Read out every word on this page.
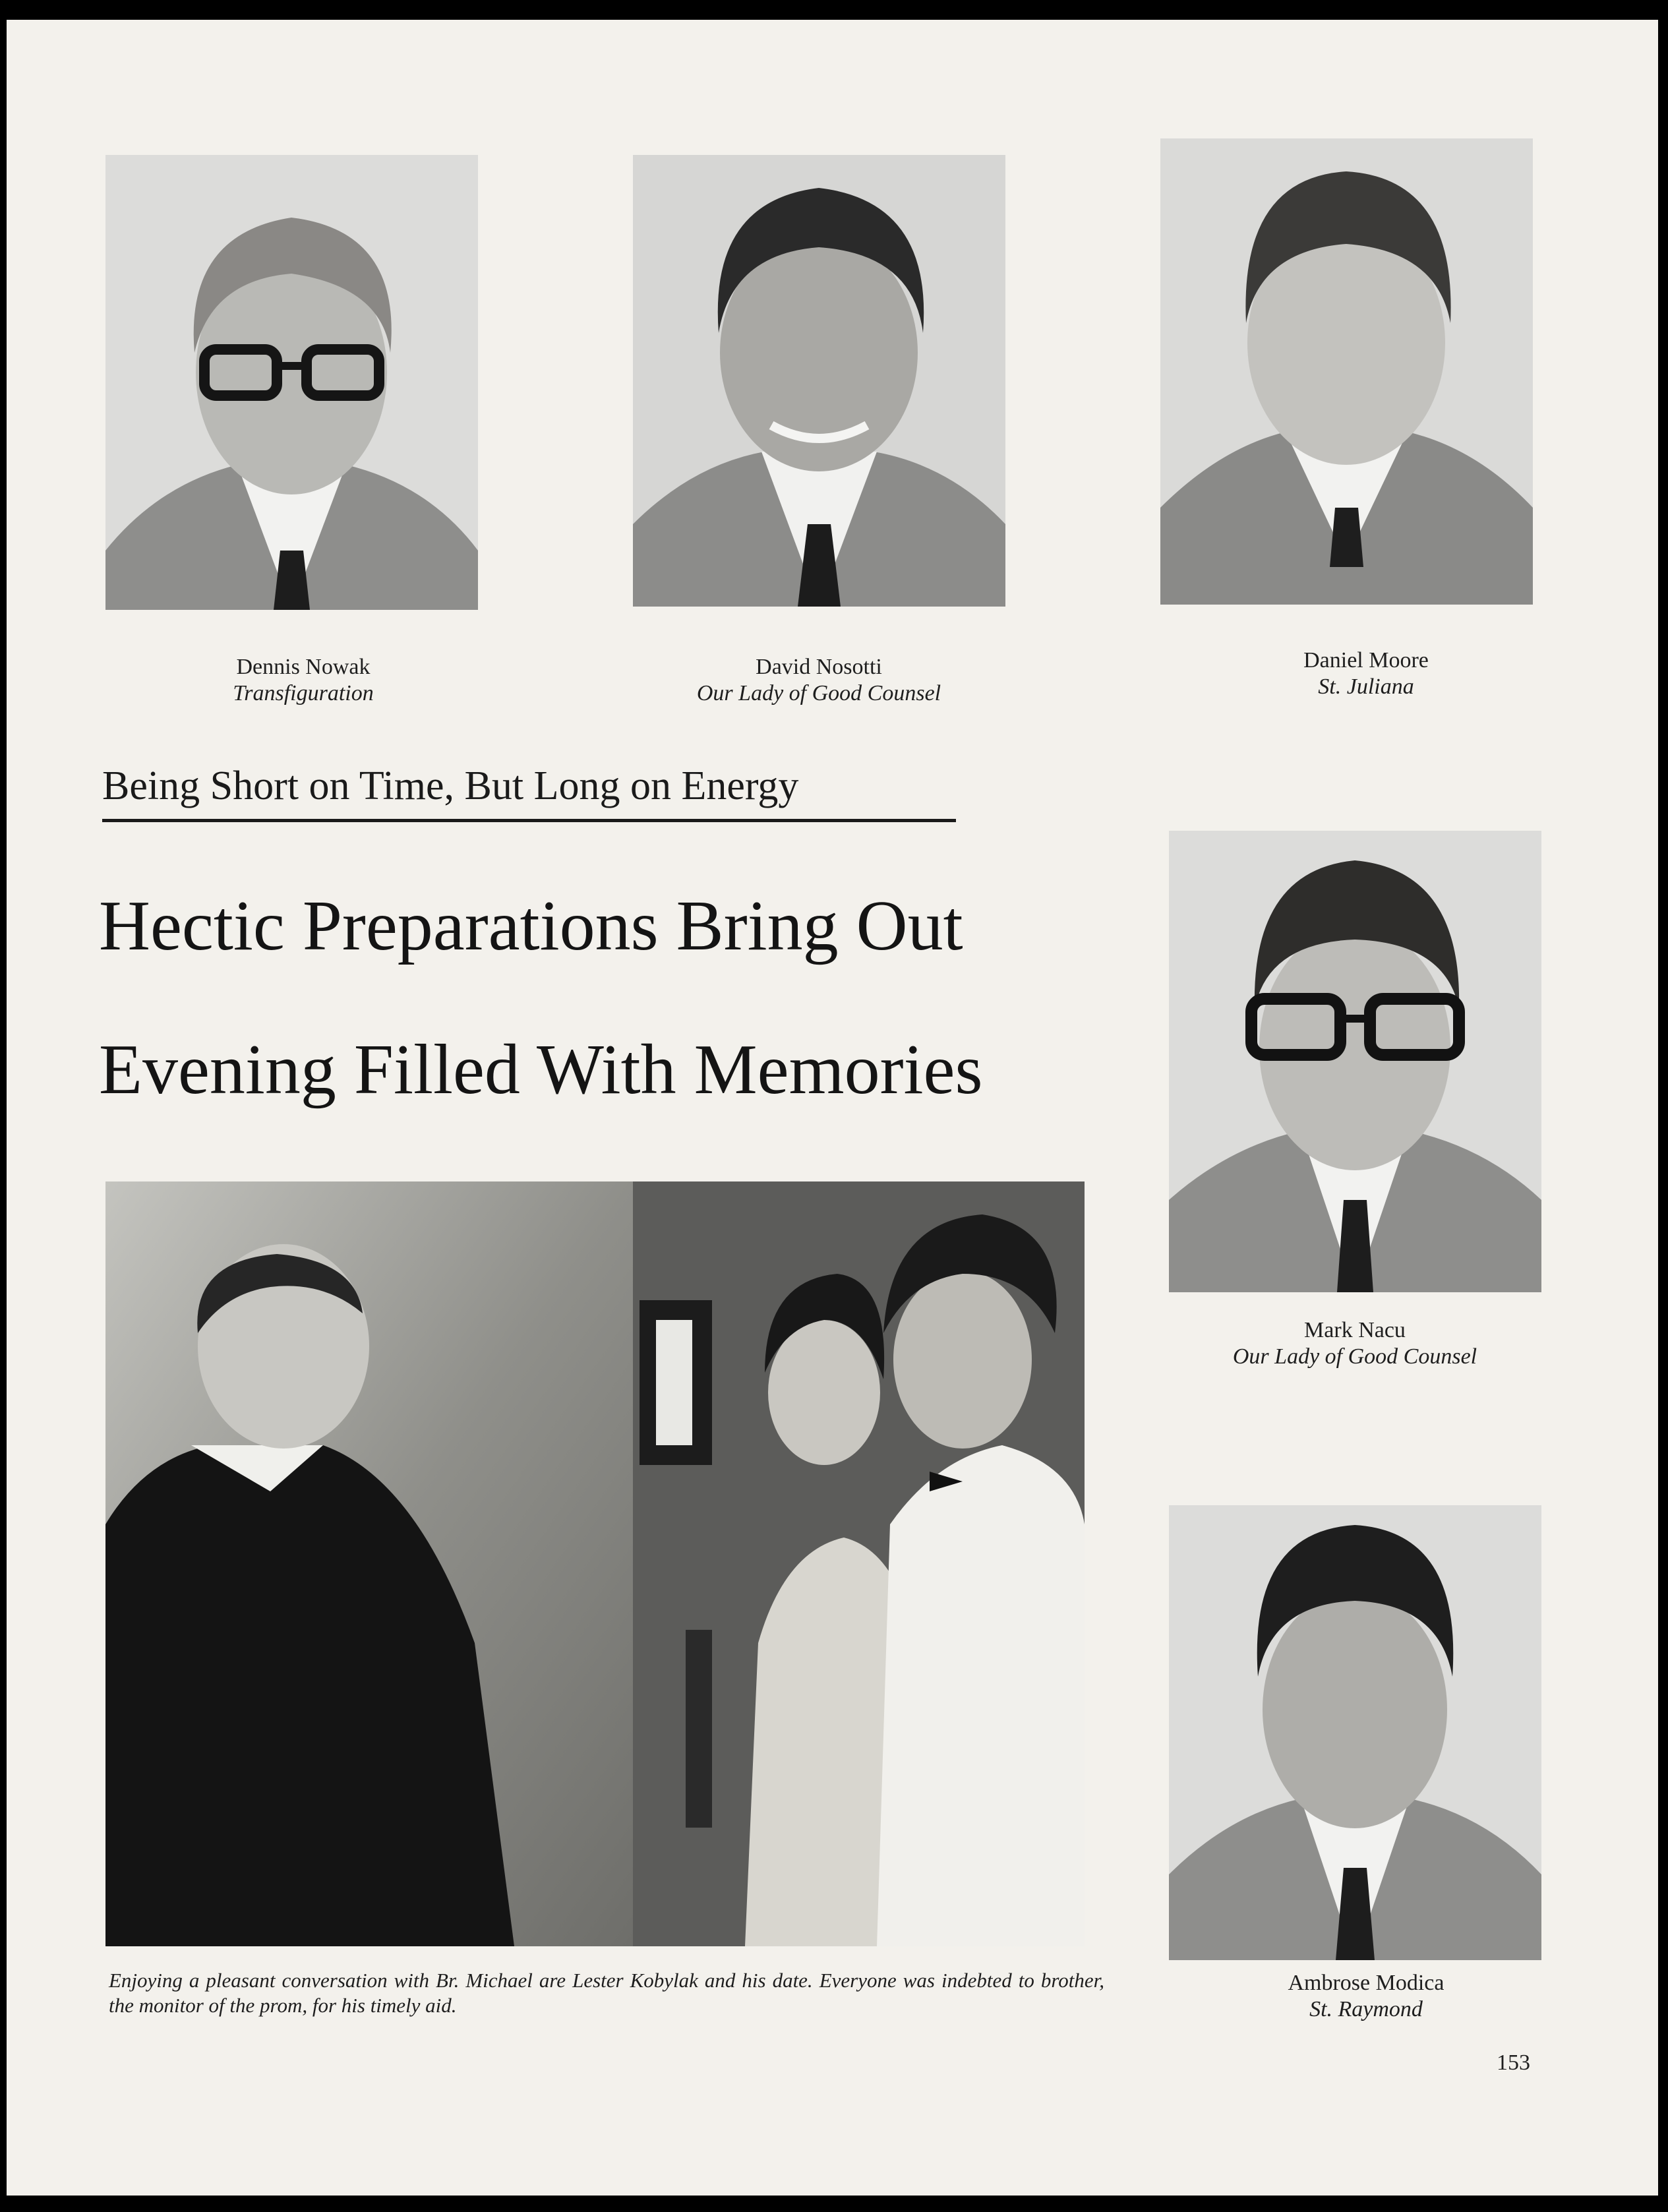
Dennis Nowak
Transfiguration
David Nosotti
Our Lady of Good Counsel
Daniel Moore
St. Juliana
Being Short on Time, But Long on Energy
Hectic Preparations Bring Out
Evening Filled With Memories
Mark Nacu
Our Lady of Good Counsel
Enjoying a pleasant conversation with Br. Michael are Lester Kobylak and his date. Everyone was indebted to brother, the monitor of the prom, for his timely aid.
Ambrose Modica
St. Raymond
153
